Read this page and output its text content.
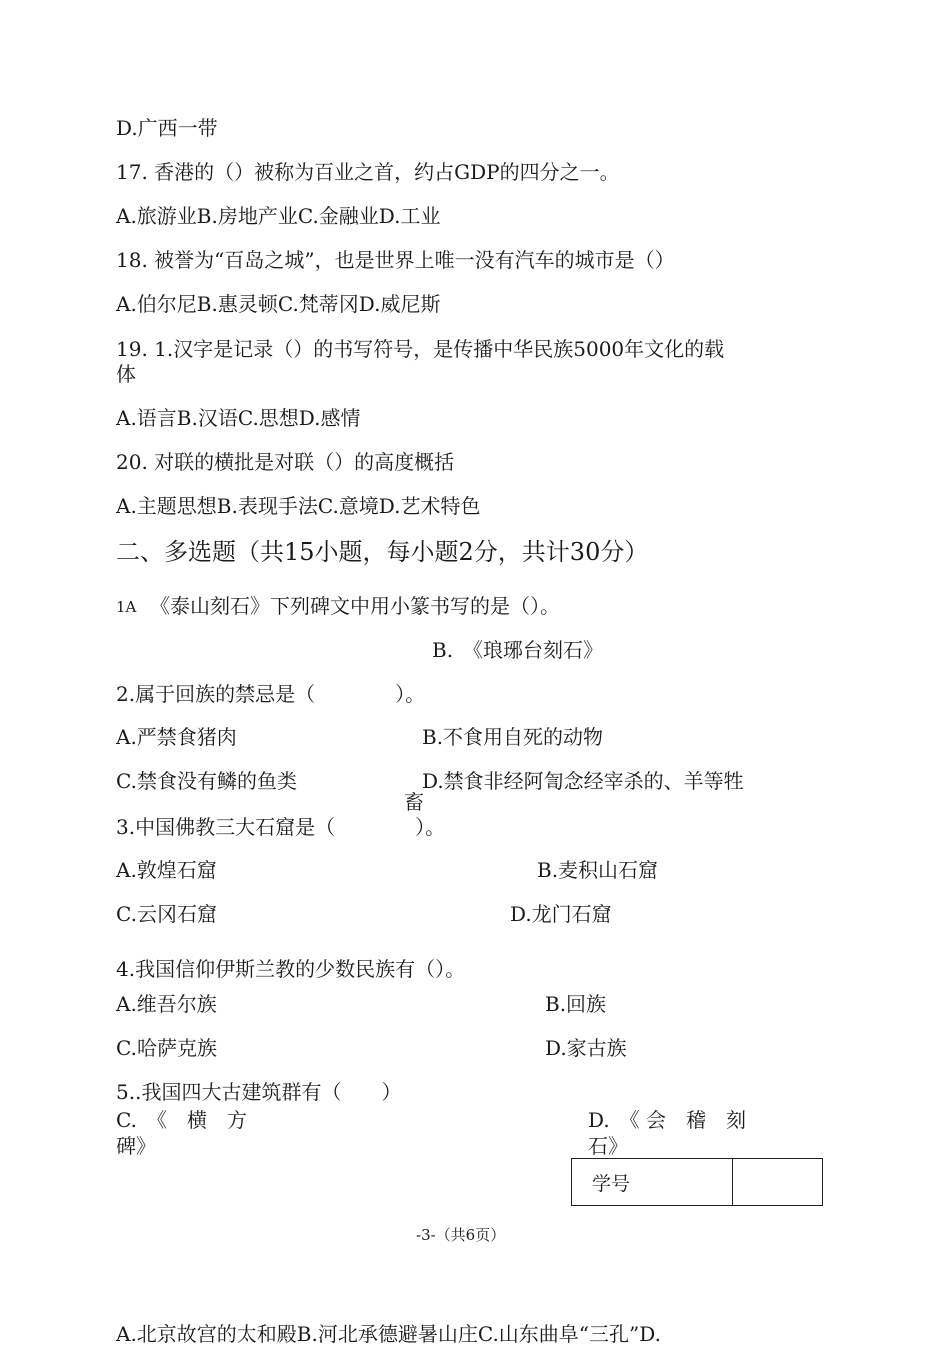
D.广西一带
17. 香港的（）被称为百业之首，约占GDP的四分之一。
A.旅游业B.房地产业C.金融业D.工业
18. 被誉为“百岛之城”，也是世界上唯一没有汽车的城市是（）
A.伯尔尼B.惠灵顿C.梵蒂冈D.威尼斯
19. 1.汉字是记录（）的书写符号，是传播中华民族5000年文化的载
体
A.语言B.汉语C.思想D.感情
20. 对联的横批是对联（）的高度概括
A.主题思想B.表现手法C.意境D.艺术特色
二、多选题（共15小题，每小题2分，共计30分）
1A 《泰山刻石》下列碑文中用小篆书写的是（）。
B.　《琅琊台刻石》
2.属于回族的禁忌是（　　　　）。
A.严禁食猪肉	B.不食用自死的动物
C.禁食没有鳞的鱼类	D.禁食非经阿訇念经宰杀的、羊等牲
畜
3.中国佛教三大石窟是（　　　　）。
A.敦煌石窟	B.麦积山石窟
C.云冈石窟	D.龙门石窟
4.我国信仰伊斯兰教的少数民族有（）。
A.维吾尔族	B.回族
C.哈萨克族	D.家古族
5..我国四大古建筑群有（　　）
C.　《　横　方
碑》
D.　《 会　稽　刻
石》
学号	
-3-（共6页）
A.北京故宫的太和殿B.河北承德避暑山庄C.山东曲阜“三孔”D.
